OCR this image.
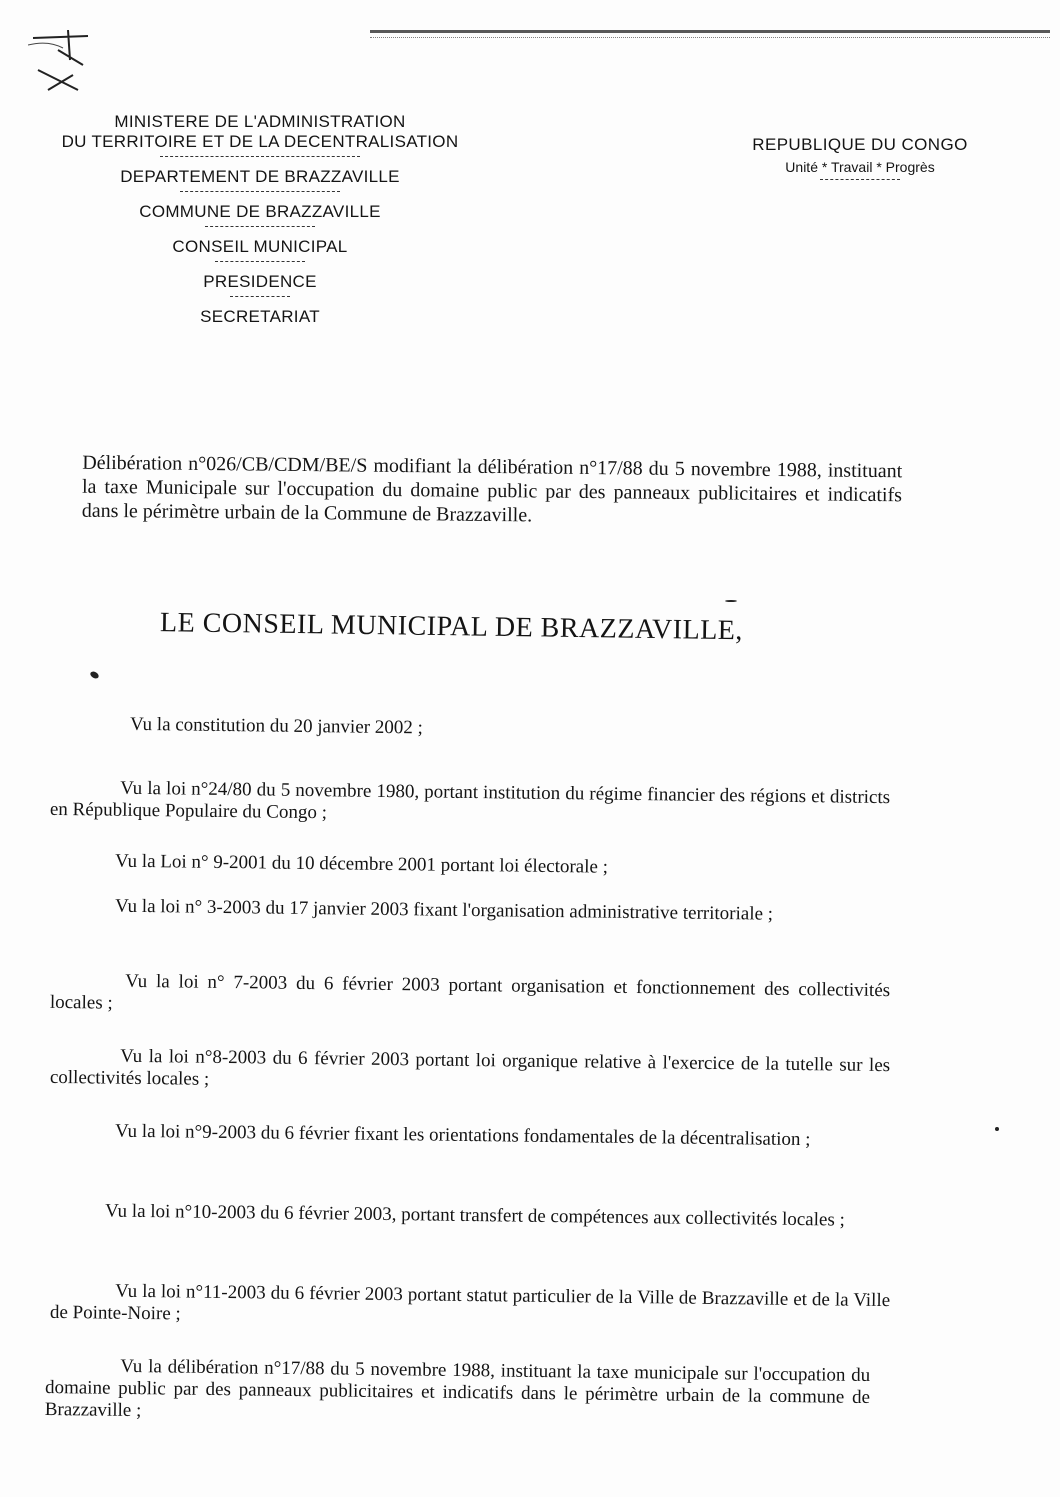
MINISTERE DE L'ADMINISTRATION
DU TERRITOIRE ET DE LA DECENTRALISATION
DEPARTEMENT DE BRAZZAVILLE
COMMUNE DE BRAZZAVILLE
CONSEIL MUNICIPAL
PRESIDENCE
SECRETARIAT
REPUBLIQUE DU CONGO
Unité * Travail * Progrès
Délibération n°026/CB/CDM/BE/S modifiant la délibération n°17/88 du 5 novembre 1988, instituant la taxe Municipale sur l'occupation du domaine public par des panneaux publicitaires et indicatifs dans le périmètre urbain de la Commune de Brazzaville.
LE CONSEIL MUNICIPAL DE BRAZZAVILLE,
Vu la constitution du 20 janvier 2002 ;
Vu la loi n°24/80 du 5 novembre 1980, portant institution du régime financier des régions et districts en République Populaire du Congo ;
Vu la Loi n° 9-2001 du 10 décembre 2001 portant loi électorale ;
Vu la loi n° 3-2003 du 17 janvier 2003 fixant l'organisation administrative territoriale ;
Vu la loi n° 7-2003 du 6 février 2003 portant organisation et fonctionnement des collectivités locales ;
Vu la loi n°8-2003 du 6 février 2003 portant loi organique relative à l'exercice de la tutelle sur les collectivités locales ;
Vu la loi n°9-2003 du 6 février fixant les orientations fondamentales de la décentralisation ;
Vu la loi n°10-2003 du 6 février 2003, portant transfert de compétences aux collectivités locales ;
Vu la loi n°11-2003 du 6 février 2003 portant statut particulier de la Ville de Brazzaville et de la Ville de Pointe-Noire ;
Vu la délibération n°17/88 du 5 novembre 1988, instituant la taxe municipale sur l'occupation du domaine public par des panneaux publicitaires et indicatifs dans le périmètre urbain de la commune de Brazzaville ;
